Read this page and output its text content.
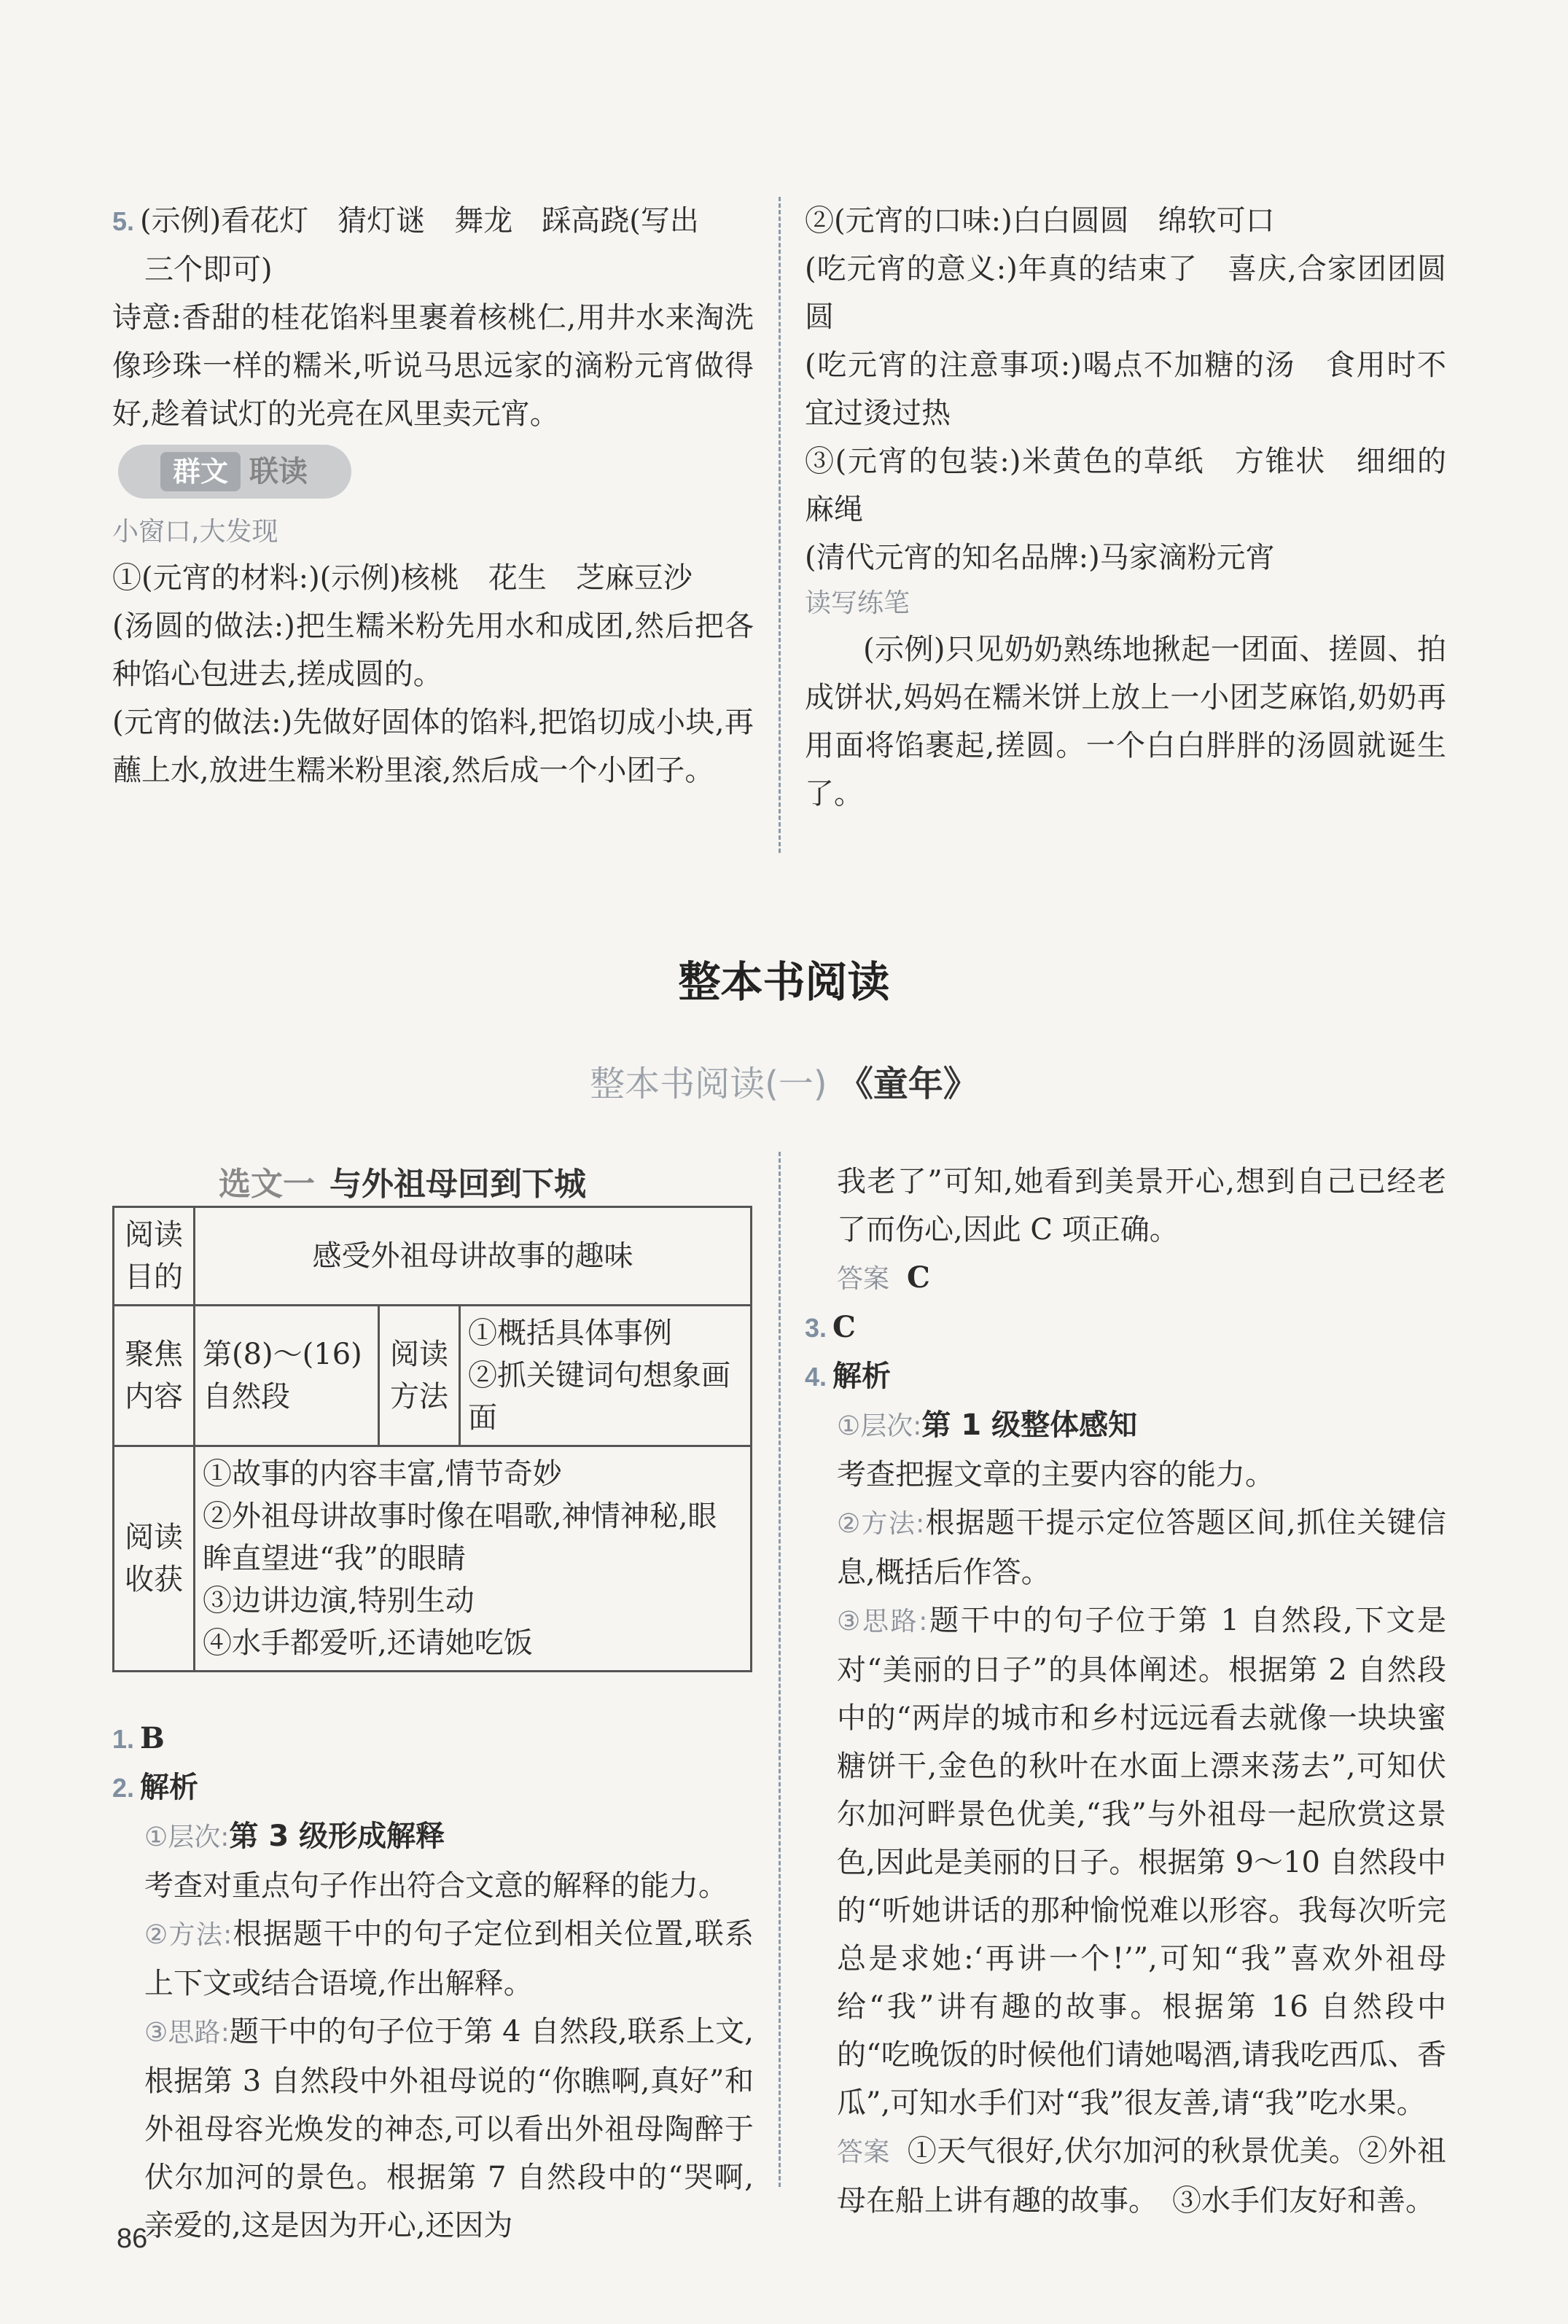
5. (示例)看花灯　猜灯谜　舞龙　踩高跷(写出

三个即可)

诗意:香甜的桂花馅料里裹着核桃仁,用井水来淘洗像珍珠一样的糯米,听说马思远家的滴粉元宵做得好,趁着试灯的光亮在风里卖元宵。

群文 联读

小窗口,大发现

①(元宵的材料:)(示例)核桃　花生　芝麻豆沙

(汤圆的做法:)把生糯米粉先用水和成团,然后把各种馅心包进去,搓成圆的。

(元宵的做法:)先做好固体的馅料,把馅切成小块,再蘸上水,放进生糯米粉里滚,然后成一个小团子。

②(元宵的口味:)白白圆圆　绵软可口

(吃元宵的意义:)年真的结束了　喜庆,合家团团圆圆

(吃元宵的注意事项:)喝点不加糖的汤　食用时不宜过烫过热

③(元宵的包装:)米黄色的草纸　方锥状　细细的麻绳

(清代元宵的知名品牌:)马家滴粉元宵

读写练笔

(示例)只见奶奶熟练地揪起一团面、搓圆、拍成饼状,妈妈在糯米饼上放上一小团芝麻馅,奶奶再用面将馅裹起,搓圆。一个白白胖胖的汤圆就诞生了。

整本书阅读
整本书阅读(一) 《童年》
选文一 与外祖母回到下城
阅读目的	感受外祖母讲故事的趣味		
聚焦内容	第(8)～(16)自然段	阅读方法	①概括具体事例
②抓关键词句想象画面

阅读收获	①故事的内容丰富,情节奇妙
②外祖母讲故事时像在唱歌,神情神秘,眼眸直望进“我”的眼睛
③边讲边演,特别生动
④水手都爱听,还请她吃饭		

1. B

2. 解析

①层次:第 3 级形成解释

考查对重点句子作出符合文意的解释的能力。

②方法:根据题干中的句子定位到相关位置,联系上下文或结合语境,作出解释。

③思路:题干中的句子位于第 4 自然段,联系上文,根据第 3 自然段中外祖母说的“你瞧啊,真好”和外祖母容光焕发的神态,可以看出外祖母陶醉于伏尔加河的景色。根据第 7 自然段中的“哭啊,亲爱的,这是因为开心,还因为

我老了”可知,她看到美景开心,想到自己已经老了而伤心,因此 C 项正确。

答案 C

3. C

4. 解析

①层次:第 1 级整体感知

考查把握文章的主要内容的能力。

②方法:根据题干提示定位答题区间,抓住关键信息,概括后作答。

③思路:题干中的句子位于第 1 自然段,下文是对“美丽的日子”的具体阐述。根据第 2 自然段中的“两岸的城市和乡村远远看去就像一块块蜜糖饼干,金色的秋叶在水面上漂来荡去”,可知伏尔加河畔景色优美,“我”与外祖母一起欣赏这景色,因此是美丽的日子。根据第 9～10 自然段中的“听她讲话的那种愉悦难以形容。我每次听完总是求她:‘再讲一个!’”,可知“我”喜欢外祖母给“我”讲有趣的故事。根据第 16 自然段中的“吃晚饭的时候他们请她喝酒,请我吃西瓜、香瓜”,可知水手们对“我”很友善,请“我”吃水果。

答案 ①天气很好,伏尔加河的秋景优美。②外祖母在船上讲有趣的故事。　③水手们友好和善。

86
